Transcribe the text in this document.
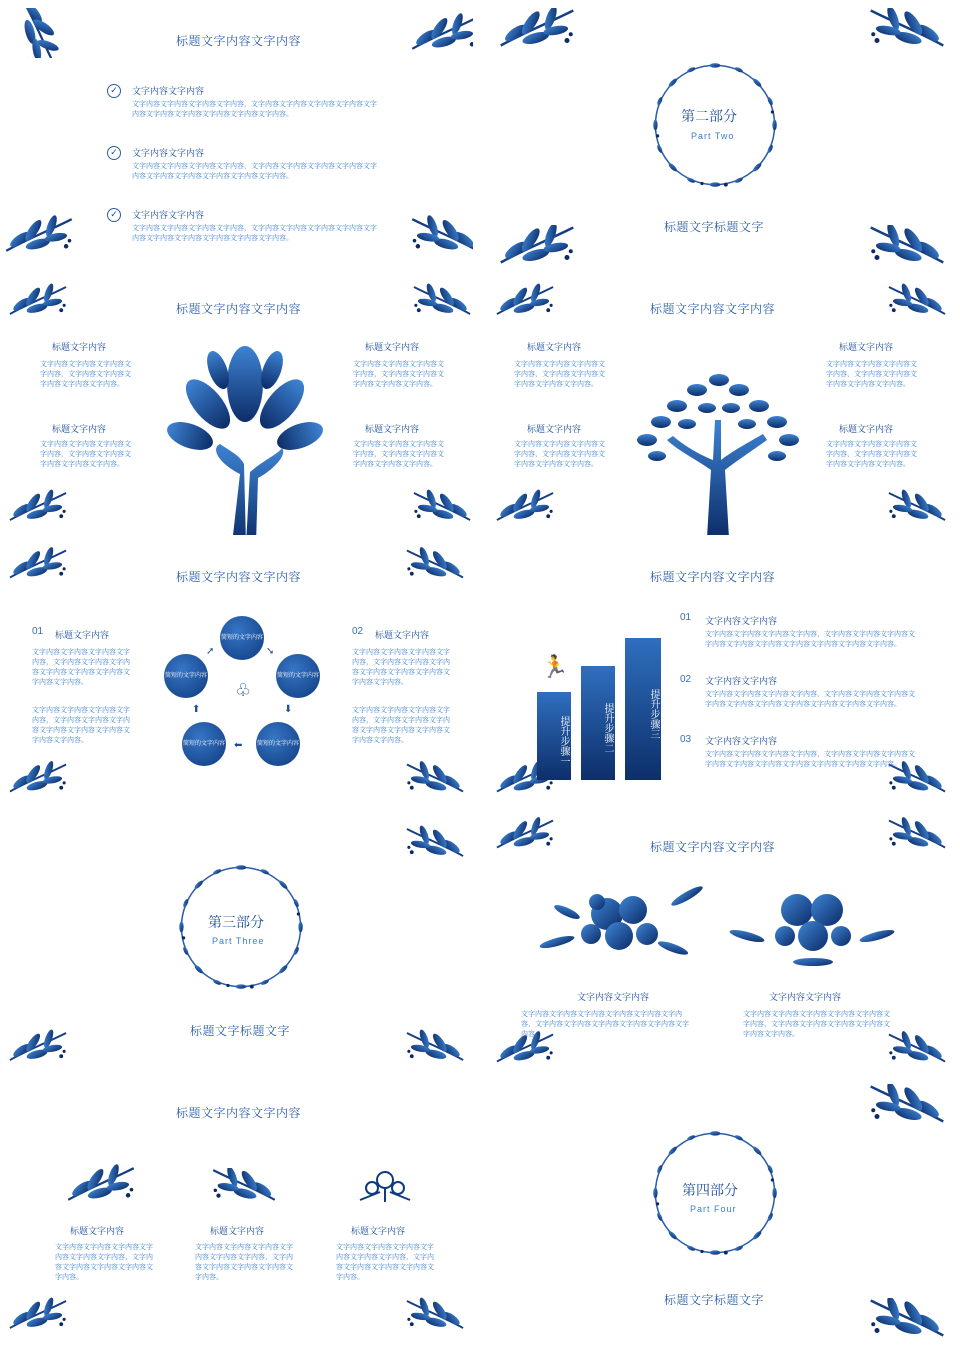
标题文字内容文字内容
✓	文字内容文字内容
文字内容文字内容文字内容文字内容，文字内容文字内容文字内容文字内容文字内容文字内容文字内容文字内容文字内容文字内容。
✓	文字内容文字内容
文字内容文字内容文字内容文字内容，文字内容文字内容文字内容文字内容文字内容文字内容文字内容文字内容文字内容文字内容。
✓	文字内容文字内容
文字内容文字内容文字内容文字内容，文字内容文字内容文字内容文字内容文字内容文字内容文字内容文字内容文字内容文字内容。
第二部分
Part Two
标题文字标题文字
标题文字内容文字内容
标题文字内容
文字内容文字内容文字内容文字内容，文字内容文字内容文字内容文字内容文字内容。
标题文字内容
文字内容文字内容文字内容文字内容，文字内容文字内容文字内容文字内容文字内容。
标题文字内容
文字内容文字内容文字内容文字内容，文字内容文字内容文字内容文字内容文字内容。
标题文字内容
文字内容文字内容文字内容文字内容，文字内容文字内容文字内容文字内容文字内容。
标题文字内容文字内容
标题文字内容
文字内容文字内容文字内容文字内容，文字内容文字内容文字内容文字内容文字内容。
标题文字内容
文字内容文字内容文字内容文字内容，文字内容文字内容文字内容文字内容文字内容。
标题文字内容
文字内容文字内容文字内容文字内容，文字内容文字内容文字内容文字内容文字内容。
标题文字内容
文字内容文字内容文字内容文字内容，文字内容文字内容文字内容文字内容文字内容。
标题文字内容文字内容
01 标题文字内容
文字内容文字内容文字内容文字内容，文字内容文字内容文字内容文字内容文字内容文字内容文字内容文字内容。
文字内容文字内容文字内容文字内容，文字内容文字内容文字内容文字内容文字内容文字内容文字内容文字内容。
02 标题文字内容
文字内容文字内容文字内容文字内容，文字内容文字内容文字内容文字内容文字内容文字内容文字内容文字内容。
文字内容文字内容文字内容文字内容，文字内容文字内容文字内容文字内容文字内容文字内容文字内容文字内容。
简短的文字内容
简短的文字内容
简短的文字内容
简短的文字内容
简短的文字内容
♧
➘
⬇
⬅
⬆
➚
标题文字内容文字内容
🏃
提升步骤一	提升步骤二	提升步骤三
01 文字内容文字内容
文字内容文字内容文字内容文字内容，文字内容文字内容文字内容文字内容文字内容文字内容文字内容文字内容文字内容文字内容。
02 文字内容文字内容
文字内容文字内容文字内容文字内容，文字内容文字内容文字内容文字内容文字内容文字内容文字内容文字内容文字内容文字内容。
03 文字内容文字内容
文字内容文字内容文字内容文字内容，文字内容文字内容文字内容文字内容文字内容文字内容文字内容文字内容文字内容文字内容。
第三部分
Part Three
标题文字标题文字
标题文字内容文字内容
文字内容文字内容
文字内容文字内容文字内容文字内容文字内容文字内容，文字内容文字内容文字内容文字内容文字内容文字内容。
文字内容文字内容
文字内容文字内容文字内容文字内容文字内容文字内容，文字内容文字内容文字内容文字内容文字内容文字内容。
标题文字内容文字内容
标题文字内容
文字内容文字内容文字内容文字内容文字内容文字内容，文字内容文字内容文字内容文字内容文字内容。
标题文字内容
文字内容文字内容文字内容文字内容文字内容文字内容，文字内容文字内容文字内容文字内容文字内容。
标题文字内容
文字内容文字内容文字内容文字内容文字内容文字内容，文字内容文字内容文字内容文字内容文字内容。
第四部分
Part Four
标题文字标题文字
